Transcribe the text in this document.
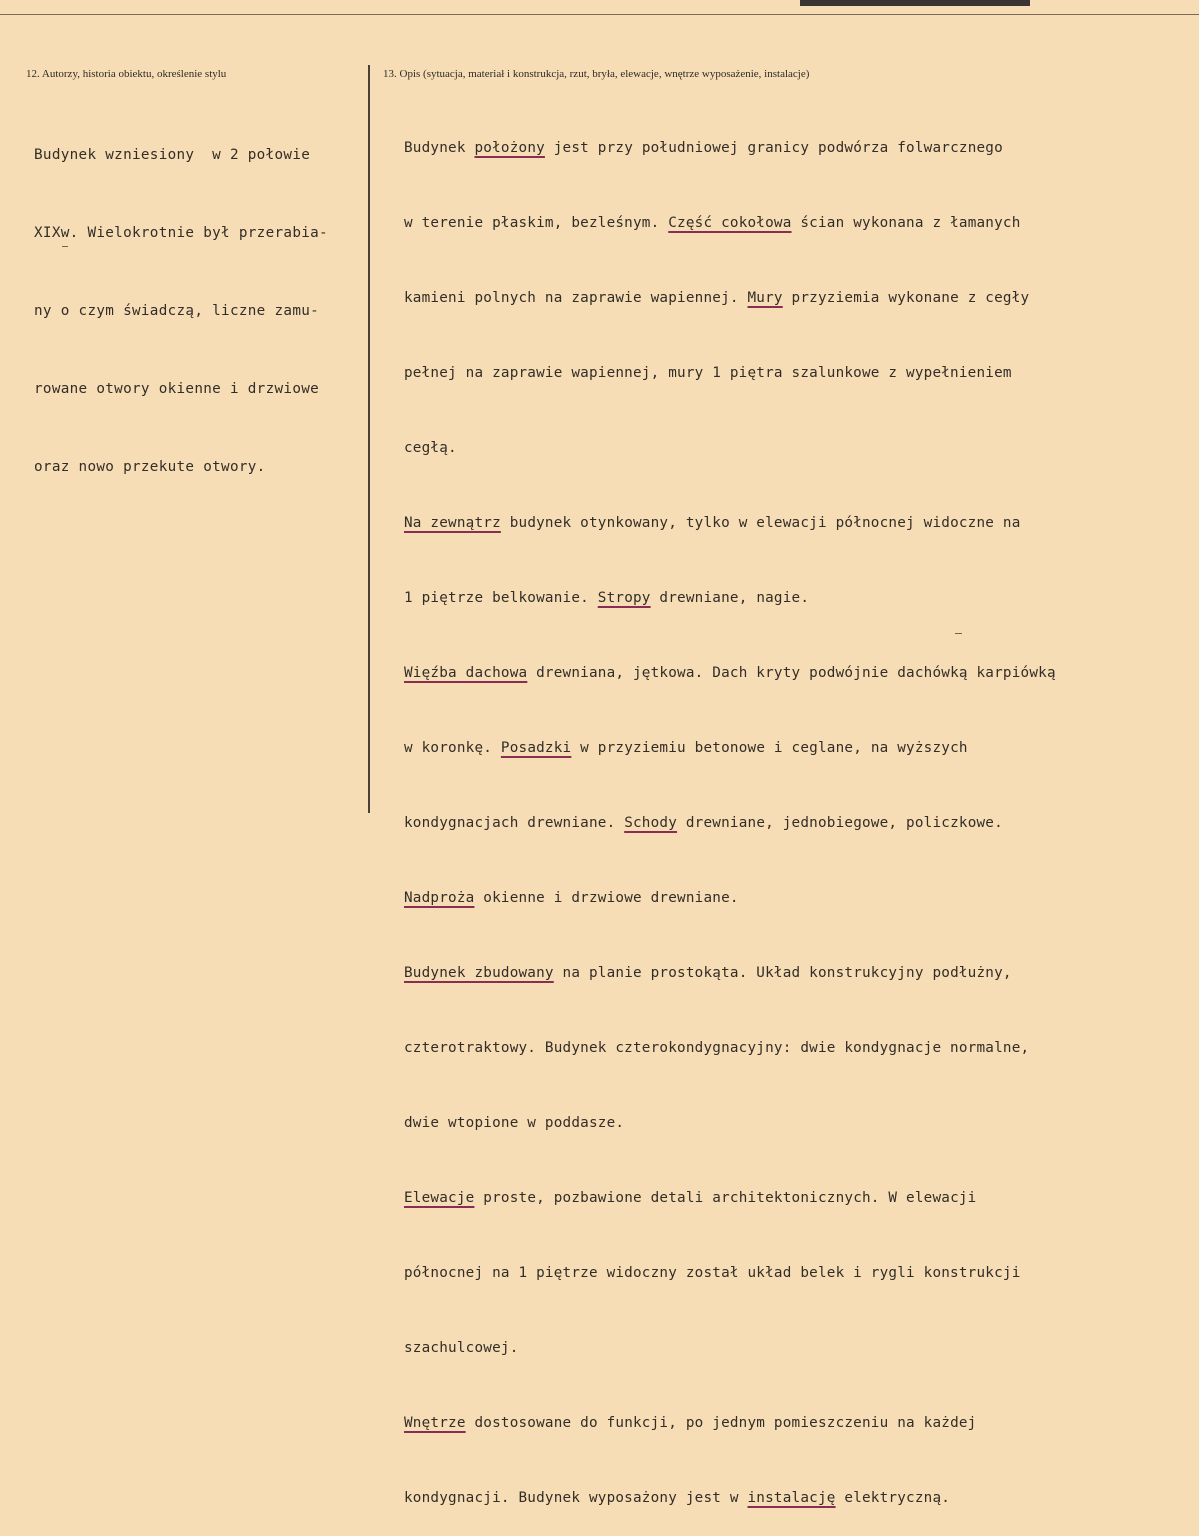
12. Autorzy, historia obiektu, określenie stylu	13. Opis (sytuacja, materiał i konstrukcja, rzut, bryła, elewacje, wnętrze wyposażenie, instalacje)

Budynek wzniesiony  w 2 połowie

XIXw. Wielokrotnie był przerabia-

ny o czym świadczą, liczne zamu-

rowane otwory okienne i drzwiowe

oraz nowo przekute otwory.

Budynek położony jest przy południowej granicy podwórza folwarcznego

w terenie płaskim, bezleśnym. Część cokołowa ścian wykonana z łamanych

kamieni polnych na zaprawie wapiennej. Mury przyziemia wykonane z cegły

pełnej na zaprawie wapiennej, mury 1 piętra szalunkowe z wypełnieniem

cegłą.

Na zewnątrz budynek otynkowany, tylko w elewacji północnej widoczne na

1 piętrze belkowanie. Stropy drewniane, nagie.

Więźba dachowa drewniana, jętkowa. Dach kryty podwójnie dachówką karpiówką

w koronkę. Posadzki w przyziemiu betonowe i ceglane, na wyższych

kondygnacjach drewniane. Schody drewniane, jednobiegowe, policzkowe.

Nadproża okienne i drzwiowe drewniane.

Budynek zbudowany na planie prostokąta. Układ konstrukcyjny podłużny,

czterotraktowy. Budynek czterokondygnacyjny: dwie kondygnacje normalne,

dwie wtopione w poddasze.

Elewacje proste, pozbawione detali architektonicznych. W elewacji

północnej na 1 piętrze widoczny został układ belek i rygli konstrukcji

szachulcowej.

Wnętrze dostosowane do funkcji, po jednym pomieszczeniu na każdej

kondygnacji. Budynek wyposażony jest w instalację elektryczną.
